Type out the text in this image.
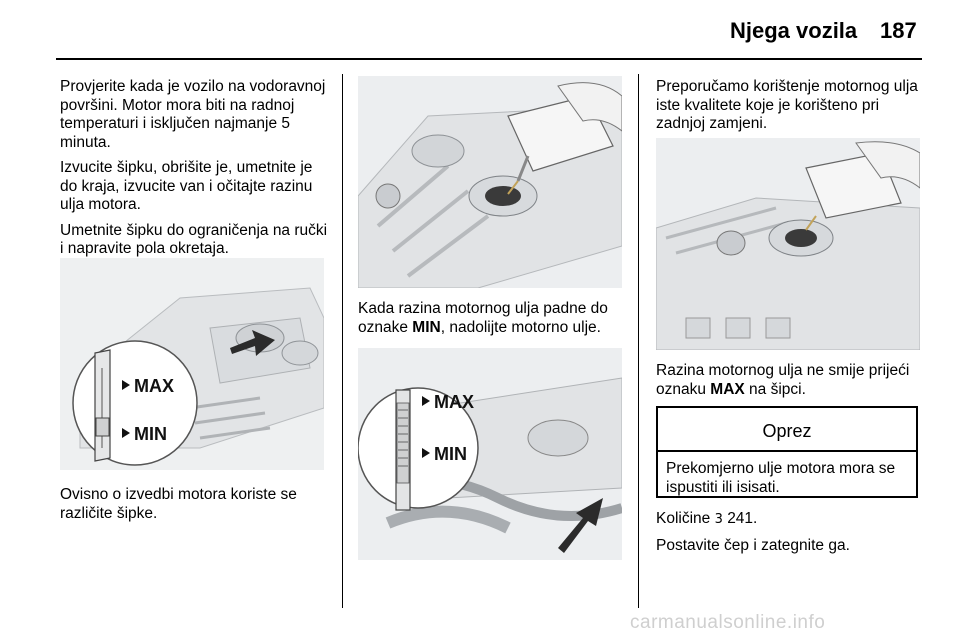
Njega vozila 187

Provjerite kada je vozilo na vodoravnoj površini. Motor mora biti na radnoj temperaturi i isključen najmanje 5 minuta.

Izvucite šipku, obrišite je, umetnite je do kraja, izvucite van i očitajte razinu ulja motora.

Umetnite šipku do ograničenja na ručki i napravite pola okretaja.

MAX
MIN

Ovisno o izvedbi motora koriste se različite šipke.

Kada razina motornog ulja padne do oznake MIN, nadolijte motorno ulje.

MAX
MIN

Preporučamo korištenje motornog ulja iste kvalitete koje je korišteno pri zadnjoj zamjeni.

Razina motornog ulja ne smije prijeći oznaku MAX na šipci.

Oprez
Prekomjerno ulje motora mora se ispustiti ili isisati.

Količine 3 241.

Postavite čep i zategnite ga.

carmanualsonline.info
